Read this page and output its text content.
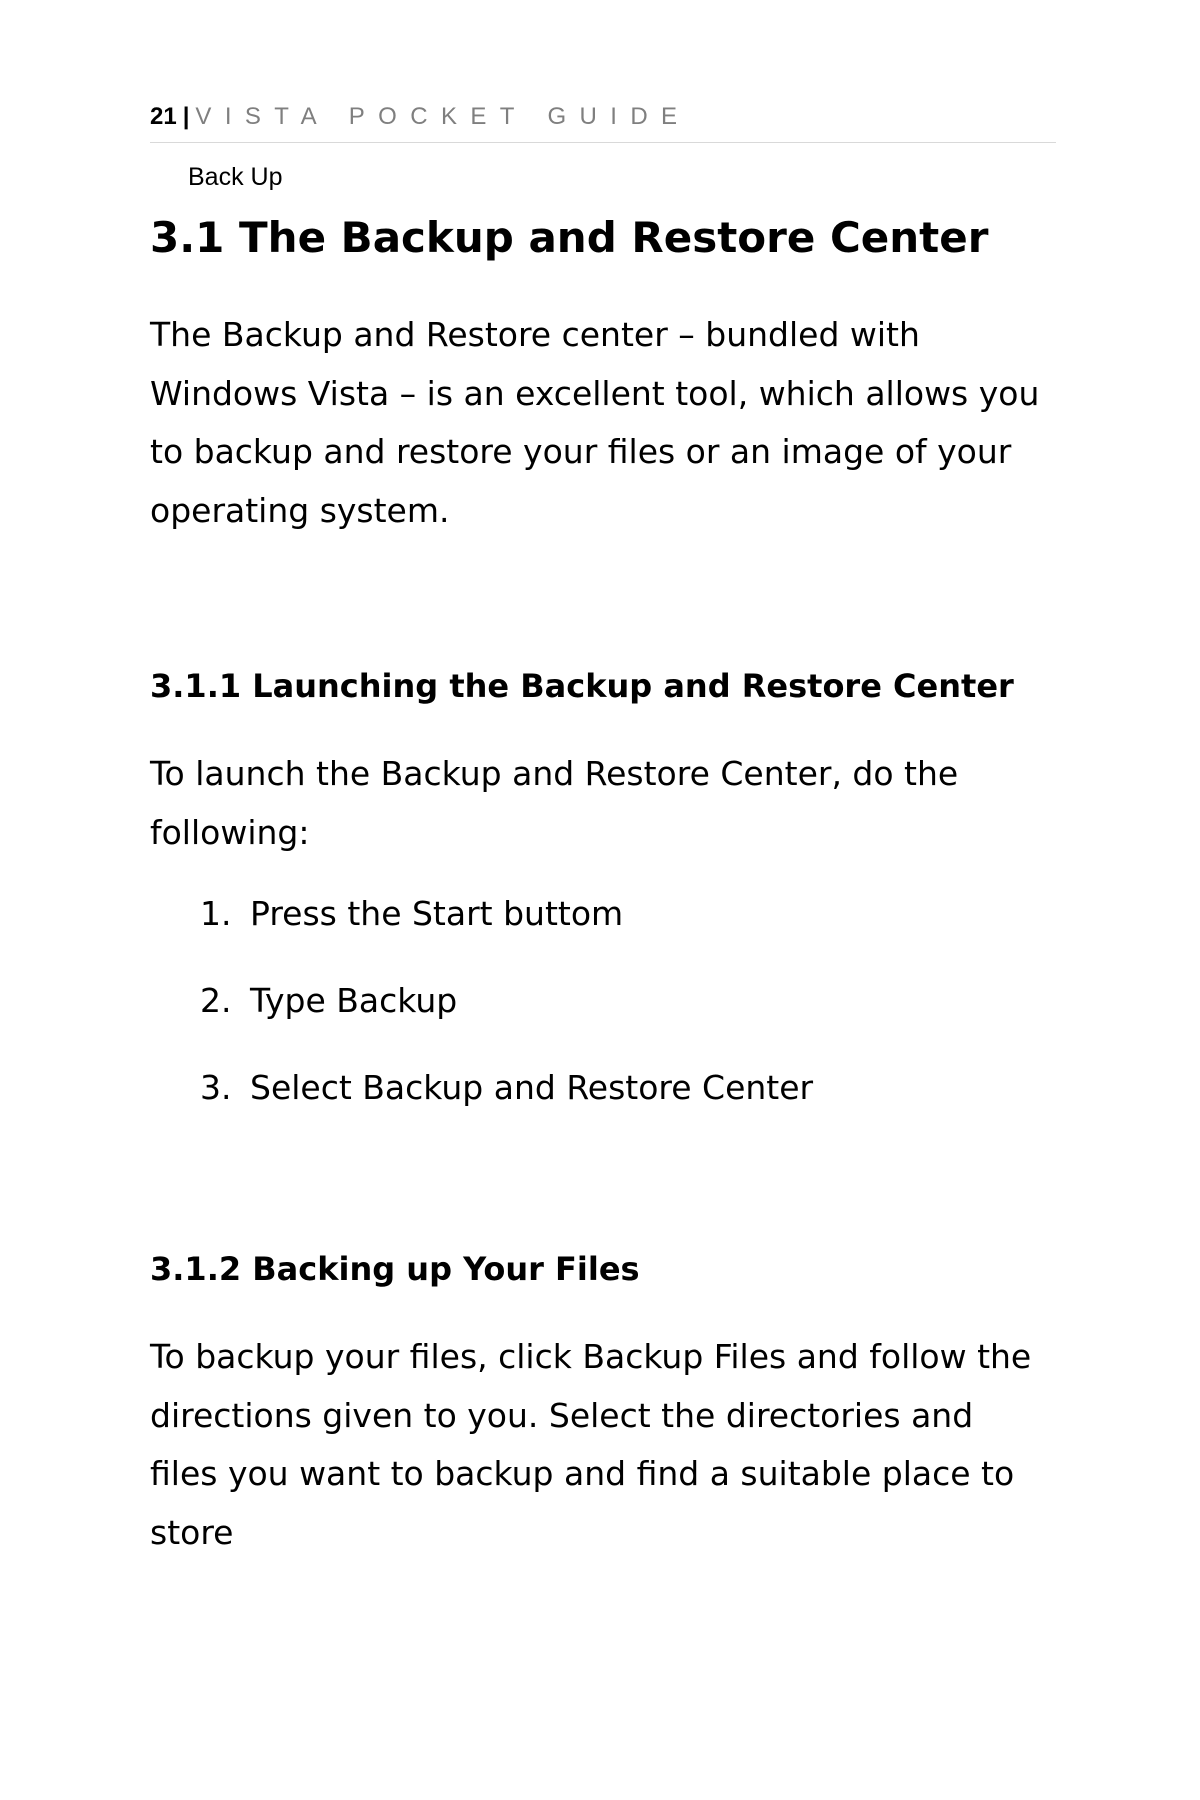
21 | VISTA POCKET GUIDE
Back Up
3.1 The Backup and Restore Center

The Backup and Restore center – bundled with Windows Vista – is an excellent tool, which allows you to backup and restore your files or an image of your operating system.

3.1.1 Launching the Backup and Restore Center

To launch the Backup and Restore Center, do the following:

1. Press the Start buttom
2. Type Backup
3. Select Backup and Restore Center
3.1.2 Backing up Your Files

To backup your files, click Backup Files and follow the directions given to you. Select the directories and files you want to backup and find a suitable place to store
